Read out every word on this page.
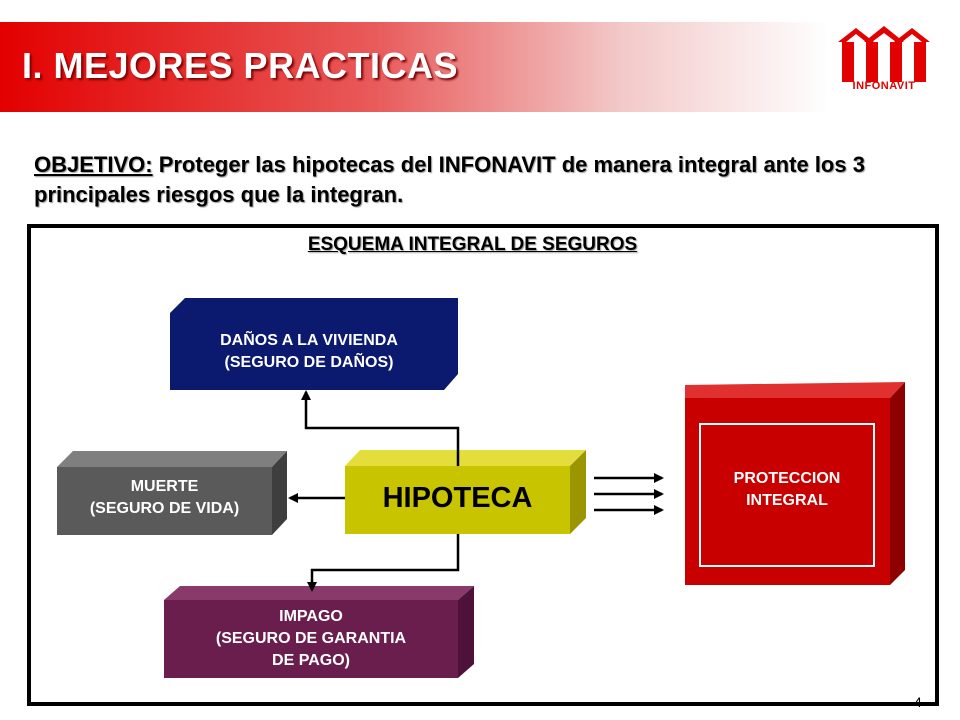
I. MEJORES PRACTICAS	INFONAVIT
OBJETIVO: Proteger las hipotecas del INFONAVIT de manera integral ante los 3 principales riesgos que la integran.
ESQUEMA INTEGRAL DE SEGUROS
DAÑOS A LA VIVIENDA
(SEGURO DE DAÑOS)
MUERTE
(SEGURO DE VIDA)	HIPOTECA
IMPAGO
(SEGURO DE GARANTIA
DE PAGO)
PROTECCION
INTEGRAL
4
